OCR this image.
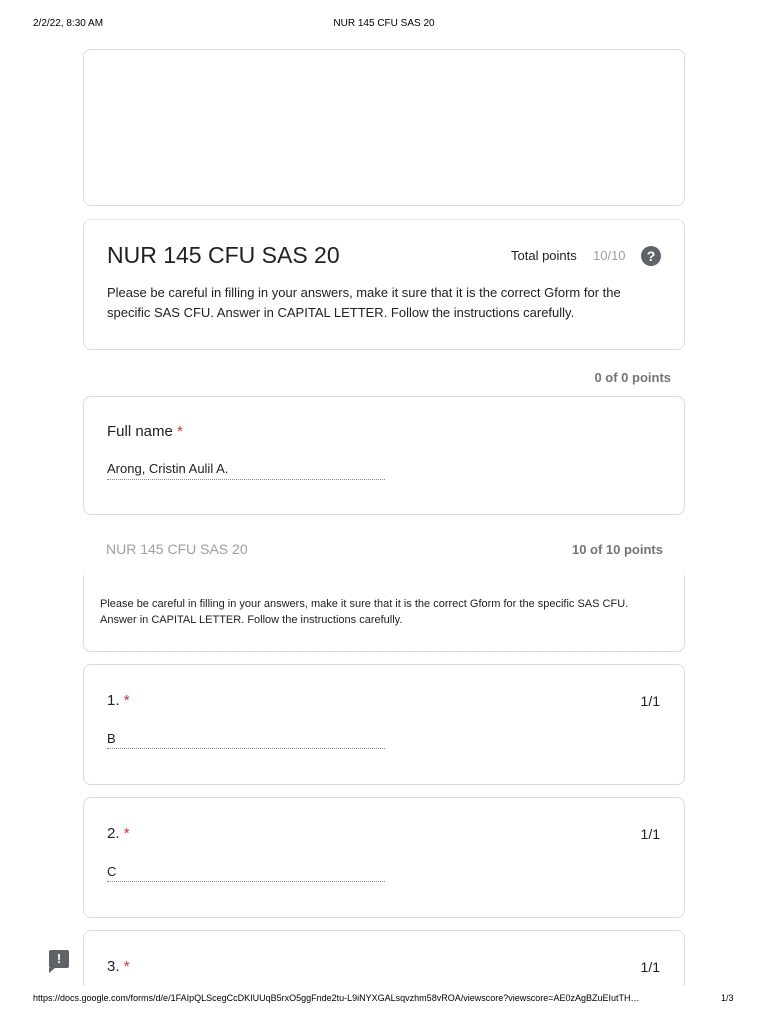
2/2/22, 8:30 AM	NUR 145 CFU SAS 20
NUR 145 CFU SAS 20	Total points 10/10	?
Please be careful in filling in your answers, make it sure that it is the correct Gform for the specific SAS CFU. Answer in CAPITAL LETTER. Follow the instructions carefully.
0 of 0 points
Full name *
Arong, Cristin Aulil A.
NUR 145 CFU SAS 20	10 of 10 points
Please be careful in filling in your answers, make it sure that it is the correct Gform for the specific SAS CFU. Answer in CAPITAL LETTER. Follow the instructions carefully.
1. *	1/1
B
2. *	1/1
C
3. *	1/1
!
https://docs.google.com/forms/d/e/1FAIpQLScegCcDKIUUqB5rxO5ggFnde2tu-L9iNYXGALsqvzhm58vROA/viewscore?viewscore=AE0zAgBZuEIutTH…	1/3
